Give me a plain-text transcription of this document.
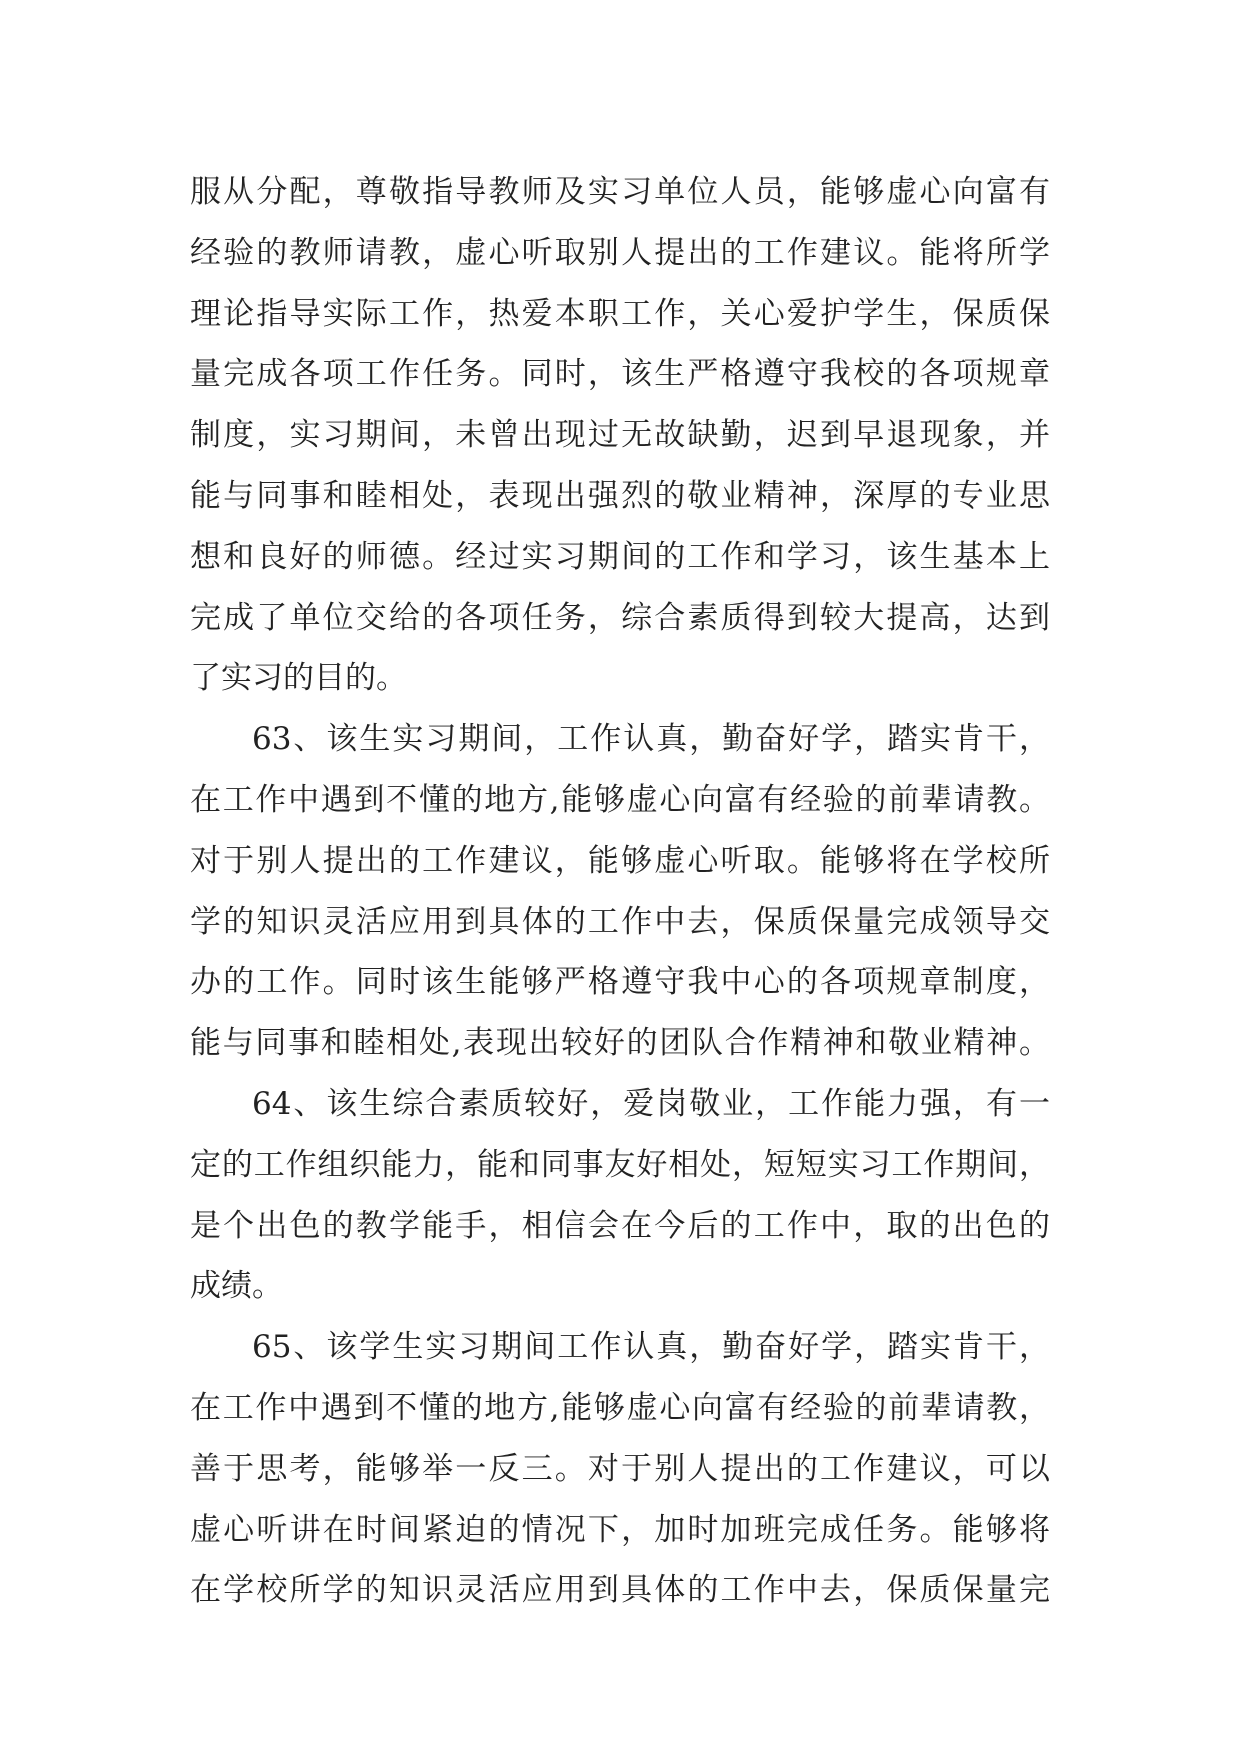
服从分配，尊敬指导教师及实习单位人员，能够虚心向富有
经验的教师请教，虚心听取别人提出的工作建议。能将所学
理论指导实际工作，热爱本职工作，关心爱护学生，保质保
量完成各项工作任务。同时，该生严格遵守我校的各项规章
制度，实习期间，未曾出现过无故缺勤，迟到早退现象，并
能与同事和睦相处，表现出强烈的敬业精神，深厚的专业思
想和良好的师德。经过实习期间的工作和学习，该生基本上
完成了单位交给的各项任务，综合素质得到较大提高，达到
了实习的目的。
63、该生实习期间，工作认真，勤奋好学，踏实肯干，
在工作中遇到不懂的地方,能够虚心向富有经验的前辈请教。
对于别人提出的工作建议，能够虚心听取。能够将在学校所
学的知识灵活应用到具体的工作中去，保质保量完成领导交
办的工作。同时该生能够严格遵守我中心的各项规章制度，
能与同事和睦相处,表现出较好的团队合作精神和敬业精神。
64、该生综合素质较好，爱岗敬业，工作能力强，有一
定的工作组织能力，能和同事友好相处，短短实习工作期间，
是个出色的教学能手，相信会在今后的工作中，取的出色的
成绩。
65、该学生实习期间工作认真，勤奋好学，踏实肯干，
在工作中遇到不懂的地方,能够虚心向富有经验的前辈请教，
善于思考，能够举一反三。对于别人提出的工作建议，可以
虚心听讲在时间紧迫的情况下，加时加班完成任务。能够将
在学校所学的知识灵活应用到具体的工作中去，保质保量完
